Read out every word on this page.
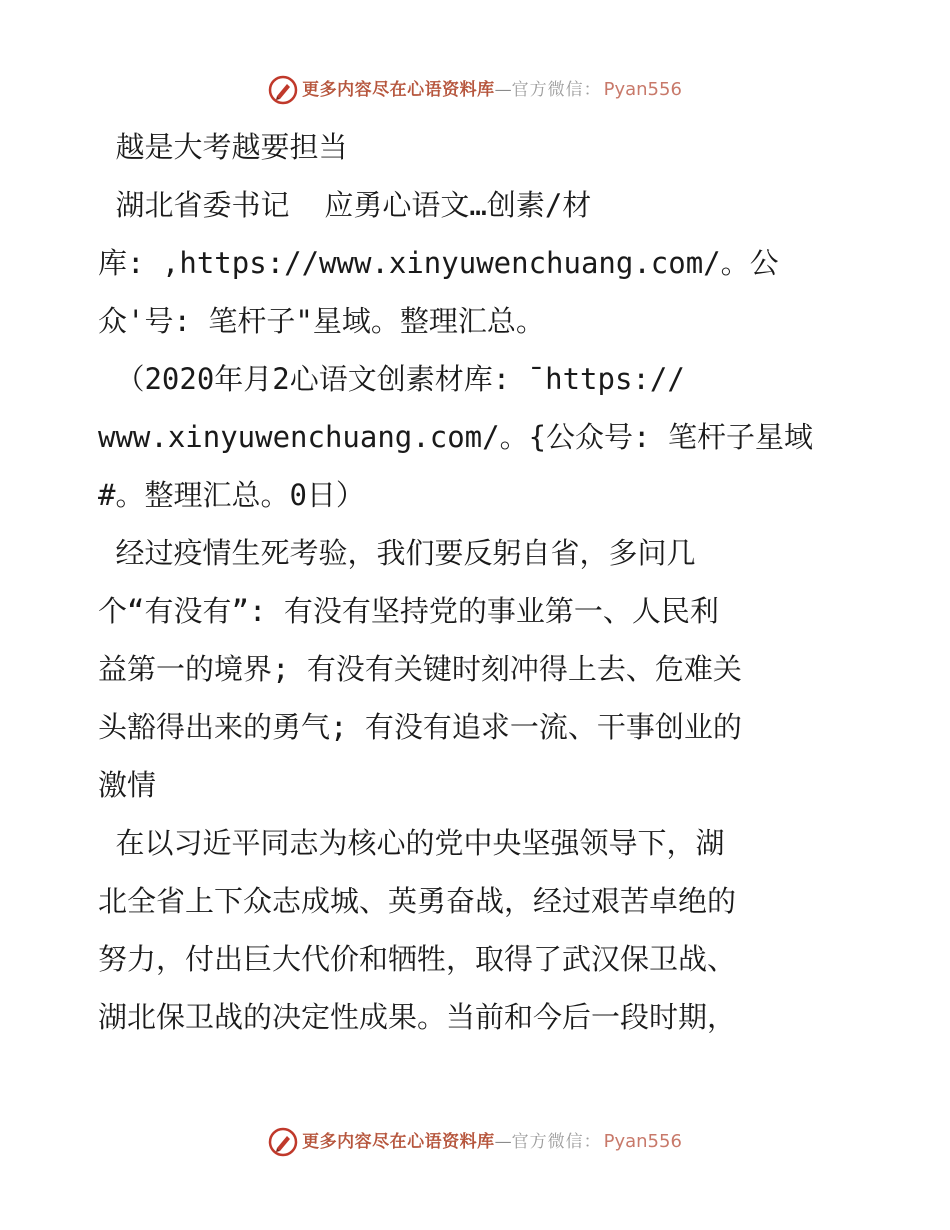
更多内容尽在心语资料库 — 官方微信： Pyan556
越是大考越要担当
湖北省委书记  应勇心语文…创素/材
库: ,https://www.xinyuwenchuang.com/。公
众'号: 笔杆子"星域。整理汇总。
（2020年月2心语文创素材库: ¯https://
www.xinyuwenchuang.com/。{公众号: 笔杆子星域
#。整理汇总。0日）
经过疫情生死考验，我们要反躬自省，多问几
个“有没有”: 有没有坚持党的事业第一、人民利
益第一的境界; 有没有关键时刻冲得上去、危难关
头豁得出来的勇气; 有没有追求一流、干事创业的
激情
在以习近平同志为核心的党中央坚强领导下，湖
北全省上下众志成城、英勇奋战，经过艰苦卓绝的
努力，付出巨大代价和牺牲，取得了武汉保卫战、
湖北保卫战的决定性成果。当前和今后一段时期，
更多内容尽在心语资料库 — 官方微信： Pyan556
